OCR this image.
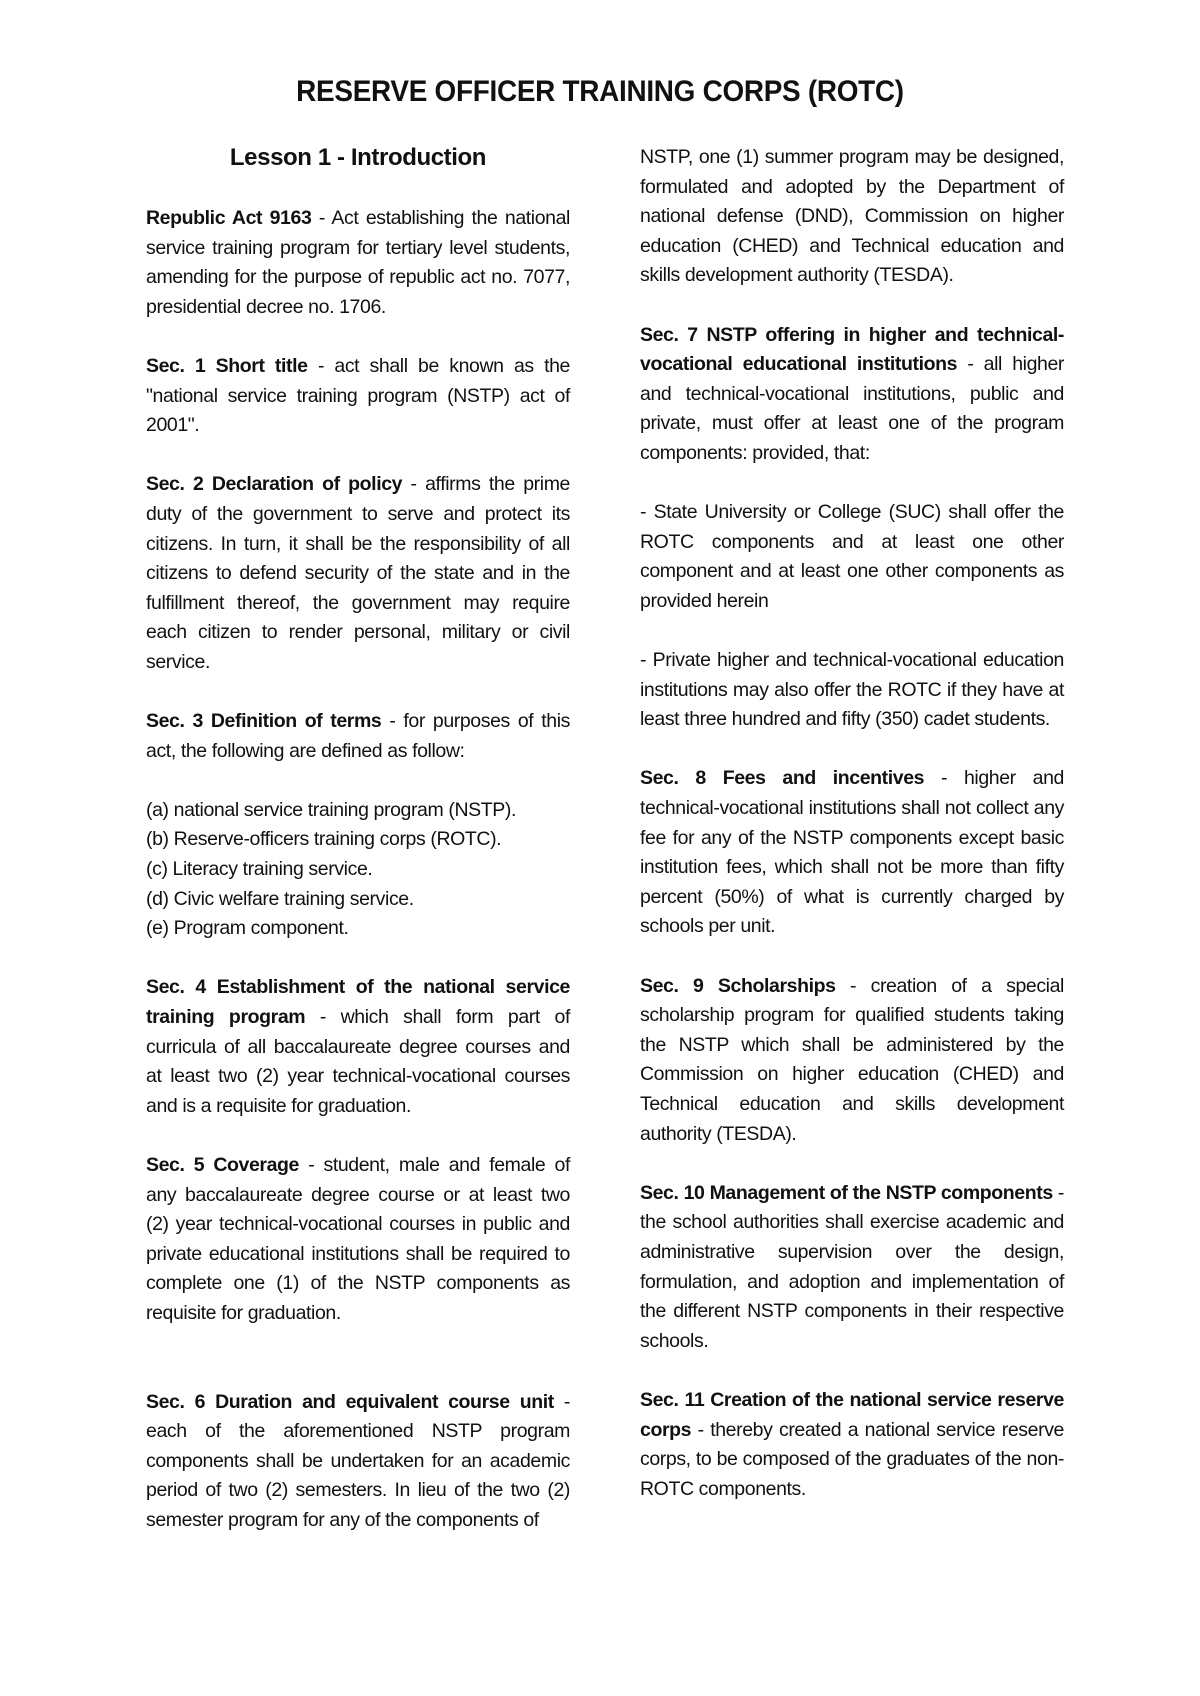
RESERVE OFFICER TRAINING CORPS (ROTC)
Lesson 1 - Introduction
Republic Act 9163 - Act establishing the national service training program for tertiary level students, amending for the purpose of republic act no. 7077, presidential decree no. 1706.
Sec. 1 Short title - act shall be known as the "national service training program (NSTP) act of 2001".
Sec. 2 Declaration of policy - affirms the prime duty of the government to serve and protect its citizens. In turn, it shall be the responsibility of all citizens to defend security of the state and in the fulfillment thereof, the government may require each citizen to render personal, military or civil service.
Sec. 3 Definition of terms - for purposes of this act, the following are defined as follow:
(a) national service training program (NSTP).
(b) Reserve-officers training corps (ROTC).
(c) Literacy training service.
(d) Civic welfare training service.
(e) Program component.
Sec. 4 Establishment of the national service training program - which shall form part of curricula of all baccalaureate degree courses and at least two (2) year technical-vocational courses and is a requisite for graduation.
Sec. 5 Coverage - student, male and female of any baccalaureate degree course or at least two (2) year technical-vocational courses in public and private educational institutions shall be required to complete one (1) of the NSTP components as requisite for graduation.
Sec. 6 Duration and equivalent course unit - each of the aforementioned NSTP program components shall be undertaken for an academic period of two (2) semesters. In lieu of the two (2) semester program for any of the components of
NSTP, one (1) summer program may be designed, formulated and adopted by the Department of national defense (DND), Commission on higher education (CHED) and Technical education and skills development authority (TESDA).
Sec. 7 NSTP offering in higher and technical-vocational educational institutions - all higher and technical-vocational institutions, public and private, must offer at least one of the program components: provided, that:
- State University or College (SUC) shall offer the ROTC components and at least one other component and at least one other components as provided herein
- Private higher and technical-vocational education institutions may also offer the ROTC if they have at least three hundred and fifty (350) cadet students.
Sec. 8 Fees and incentives - higher and technical-vocational institutions shall not collect any fee for any of the NSTP components except basic institution fees, which shall not be more than fifty percent (50%) of what is currently charged by schools per unit.
Sec. 9 Scholarships - creation of a special scholarship program for qualified students taking the NSTP which shall be administered by the Commission on higher education (CHED) and Technical education and skills development authority (TESDA).
Sec. 10 Management of the NSTP components - the school authorities shall exercise academic and administrative supervision over the design, formulation, and adoption and implementation of the different NSTP components in their respective schools.
Sec. 11 Creation of the national service reserve corps - thereby created a national service reserve corps, to be composed of the graduates of the non-ROTC components.
